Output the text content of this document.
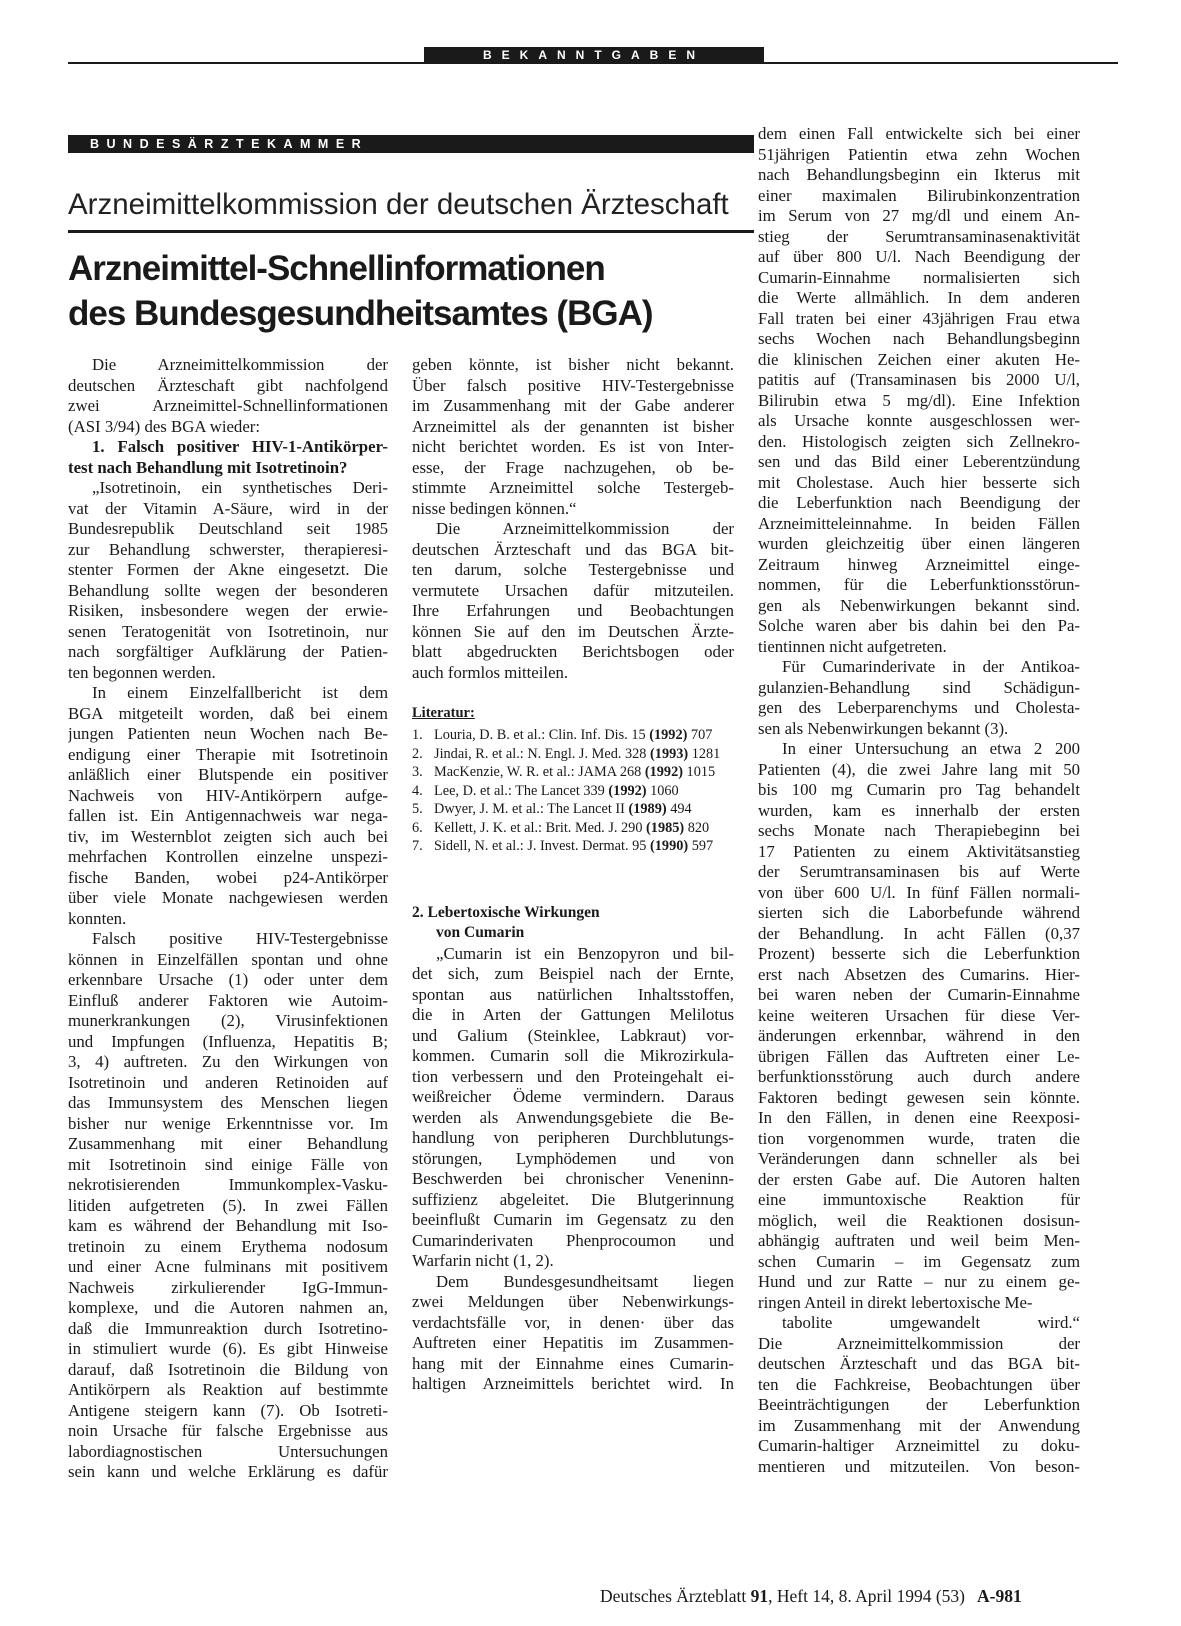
BEKANNTGABEN
BUNDESÄRZTEKAMMER
Arzneimittelkommission der deutschen Ärzteschaft
Arzneimittel-Schnellinformationen
des Bundesgesundheitsamtes (BGA)
Die Arzneimittelkommission der
deutschen Ärzteschaft gibt nachfolgend
zwei Arzneimittel-Schnellinformationen
(ASI 3/94) des BGA wieder:
1. Falsch positiver HIV-1-Antikörper-
test nach Behandlung mit Isotretinoin?
„Isotretinoin, ein synthetisches Deri-
vat der Vitamin A-Säure, wird in der
Bundesrepublik Deutschland seit 1985
zur Behandlung schwerster, therapieresi-
stenter Formen der Akne eingesetzt. Die
Behandlung sollte wegen der besonderen
Risiken, insbesondere wegen der erwie-
senen Teratogenität von Isotretinoin, nur
nach sorgfältiger Aufklärung der Patien-
ten begonnen werden.
In einem Einzelfallbericht ist dem
BGA mitgeteilt worden, daß bei einem
jungen Patienten neun Wochen nach Be-
endigung einer Therapie mit Isotretinoin
anläßlich einer Blutspende ein positiver
Nachweis von HIV-Antikörpern aufge-
fallen ist. Ein Antigennachweis war nega-
tiv, im Westernblot zeigten sich auch bei
mehrfachen Kontrollen einzelne unspezi-
fische Banden, wobei p24-Antikörper
über viele Monate nachgewiesen werden
konnten.
Falsch positive HIV-Testergebnisse
können in Einzelfällen spontan und ohne
erkennbare Ursache (1) oder unter dem
Einfluß anderer Faktoren wie Autoim-
munerkrankungen (2), Virusinfektionen
und Impfungen (Influenza, Hepatitis B;
3, 4) auftreten. Zu den Wirkungen von
Isotretinoin und anderen Retinoiden auf
das Immunsystem des Menschen liegen
bisher nur wenige Erkenntnisse vor. Im
Zusammenhang mit einer Behandlung
mit Isotretinoin sind einige Fälle von
nekrotisierenden Immunkomplex-Vasku-
litiden aufgetreten (5). In zwei Fällen
kam es während der Behandlung mit Iso-
tretinoin zu einem Erythema nodosum
und einer Acne fulminans mit positivem
Nachweis zirkulierender IgG-Immun-
komplexe, und die Autoren nahmen an,
daß die Immunreaktion durch Isotretino-
in stimuliert wurde (6). Es gibt Hinweise
darauf, daß Isotretinoin die Bildung von
Antikörpern als Reaktion auf bestimmte
Antigene steigern kann (7). Ob Isotreti-
noin Ursache für falsche Ergebnisse aus
labordiagnostischen Untersuchungen
sein kann und welche Erklärung es dafür
geben könnte, ist bisher nicht bekannt.
Über falsch positive HIV-Testergebnisse
im Zusammenhang mit der Gabe anderer
Arzneimittel als der genannten ist bisher
nicht berichtet worden. Es ist von Inter-
esse, der Frage nachzugehen, ob be-
stimmte Arzneimittel solche Testergeb-
nisse bedingen können.“
Die Arzneimittelkommission der
deutschen Ärzteschaft und das BGA bit-
ten darum, solche Testergebnisse und
vermutete Ursachen dafür mitzuteilen.
Ihre Erfahrungen und Beobachtungen
können Sie auf den im Deutschen Ärzte-
blatt abgedruckten Berichtsbogen oder
auch formlos mitteilen.
Literatur:
1. Louria, D. B. et al.: Clin. Inf. Dis. 15 (1992) 707
2. Jindai, R. et al.: N. Engl. J. Med. 328 (1993) 1281
3. MacKenzie, W. R. et al.: JAMA 268 (1992) 1015
4. Lee, D. et al.: The Lancet 339 (1992) 1060
5. Dwyer, J. M. et al.: The Lancet II (1989) 494
6. Kellett, J. K. et al.: Brit. Med. J. 290 (1985) 820
7. Sidell, N. et al.: J. Invest. Dermat. 95 (1990) 597
2. Lebertoxische Wirkungen
von Cumarin
„Cumarin ist ein Benzopyron und bil-
det sich, zum Beispiel nach der Ernte,
spontan aus natürlichen Inhaltsstoffen,
die in Arten der Gattungen Melilotus
und Galium (Steinklee, Labkraut) vor-
kommen. Cumarin soll die Mikrozirkula-
tion verbessern und den Proteingehalt ei-
weißreicher Ödeme vermindern. Daraus
werden als Anwendungsgebiete die Be-
handlung von peripheren Durchblutungs-
störungen, Lymphödemen und von
Beschwerden bei chronischer Veneninn-
suffizienz abgeleitet. Die Blutgerinnung
beeinflußt Cumarin im Gegensatz zu den
Cumarinderivaten Phenprocoumon und
Warfarin nicht (1, 2).
Dem Bundesgesundheitsamt liegen
zwei Meldungen über Nebenwirkungs-
verdachtsfälle vor, in denen· über das
Auftreten einer Hepatitis im Zusammen-
hang mit der Einnahme eines Cumarin-
haltigen Arzneimittels berichtet wird. In
dem einen Fall entwickelte sich bei einer
51jährigen Patientin etwa zehn Wochen
nach Behandlungsbeginn ein Ikterus mit
einer maximalen Bilirubinkonzentration
im Serum von 27 mg/dl und einem An-
stieg der Serumtransaminasenaktivität
auf über 800 U/l. Nach Beendigung der
Cumarin-Einnahme normalisierten sich
die Werte allmählich. In dem anderen
Fall traten bei einer 43jährigen Frau etwa
sechs Wochen nach Behandlungsbeginn
die klinischen Zeichen einer akuten He-
patitis auf (Transaminasen bis 2000 U/l,
Bilirubin etwa 5 mg/dl). Eine Infektion
als Ursache konnte ausgeschlossen wer-
den. Histologisch zeigten sich Zellnekro-
sen und das Bild einer Leberentzündung
mit Cholestase. Auch hier besserte sich
die Leberfunktion nach Beendigung der
Arzneimitteleinnahme. In beiden Fällen
wurden gleichzeitig über einen längeren
Zeitraum hinweg Arzneimittel einge-
nommen, für die Leberfunktionsstörun-
gen als Nebenwirkungen bekannt sind.
Solche waren aber bis dahin bei den Pa-
tientinnen nicht aufgetreten.
Für Cumarinderivate in der Antikoa-
gulanzien-Behandlung sind Schädigun-
gen des Leberparenchyms und Cholesta-
sen als Nebenwirkungen bekannt (3).
In einer Untersuchung an etwa 2 200
Patienten (4), die zwei Jahre lang mit 50
bis 100 mg Cumarin pro Tag behandelt
wurden, kam es innerhalb der ersten
sechs Monate nach Therapiebeginn bei
17 Patienten zu einem Aktivitätsanstieg
der Serumtransaminasen bis auf Werte
von über 600 U/l. In fünf Fällen normali-
sierten sich die Laborbefunde während
der Behandlung. In acht Fällen (0,37
Prozent) besserte sich die Leberfunktion
erst nach Absetzen des Cumarins. Hier-
bei waren neben der Cumarin-Einnahme
keine weiteren Ursachen für diese Ver-
änderungen erkennbar, während in den
übrigen Fällen das Auftreten einer Le-
berfunktionsstörung auch durch andere
Faktoren bedingt gewesen sein könnte.
In den Fällen, in denen eine Reexposi-
tion vorgenommen wurde, traten die
Veränderungen dann schneller als bei
der ersten Gabe auf. Die Autoren halten
eine immuntoxische Reaktion für
möglich, weil die Reaktionen dosisun-
abhängig auftraten und weil beim Men-
schen Cumarin – im Gegensatz zum
Hund und zur Ratte – nur zu einem ge-
ringen Anteil in direkt lebertoxische Me-
tabolite umgewandelt wird.“
Die Arzneimittelkommission der
deutschen Ärzteschaft und das BGA bit-
ten die Fachkreise, Beobachtungen über
Beeinträchtigungen der Leberfunktion
im Zusammenhang mit der Anwendung
Cumarin-haltiger Arzneimittel zu doku-
mentieren und mitzuteilen. Von beson-
Deutsches Ärzteblatt 91, Heft 14, 8. April 1994 (53) A-981
